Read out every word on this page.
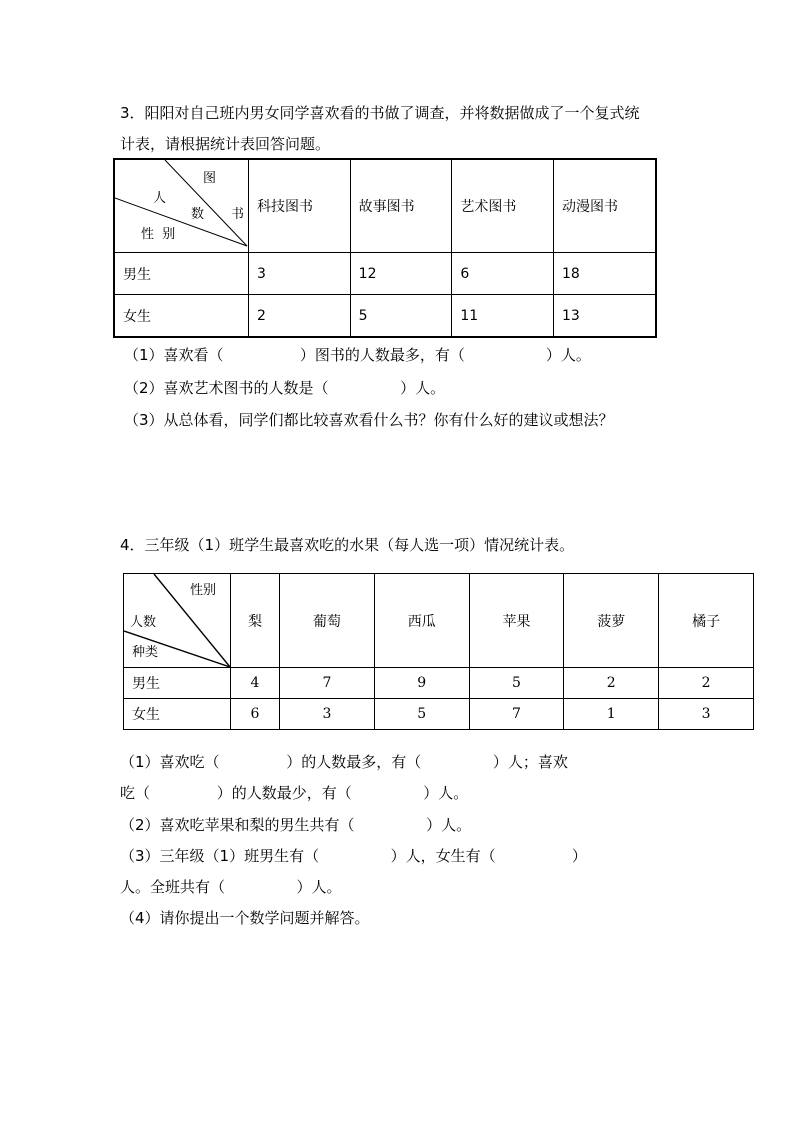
3．阳阳对自己班内男女同学喜欢看的书做了调查，并将数据做成了一个复式统
计表，请根据统计表回答问题。
图
人
数 书
性  别	科技图书	故事图书	艺术图书	动漫图书
男生	3	12	6	18
女生	2	5	11	13
（1）喜欢看（                ）图书的人数最多，有（                 ）人。
（2）喜欢艺术图书的人数是（               ）人。
（3）从总体看，同学们都比较喜欢看什么书？你有什么好的建议或想法？
4．三年级（1）班学生最喜欢吃的水果（每人选一项）情况统计表。
性别
人数
种类	梨	葡萄	西瓜	苹果	菠萝	橘子
男生	4	7	9	5	2	2
女生	6	3	5	7	1	3
（1）喜欢吃（              ）的人数最多，有（               ）人；喜欢
吃（              ）的人数最少，有（               ）人。
（2）喜欢吃苹果和梨的男生共有（               ）人。
（3）三年级（1）班男生有（               ）人，女生有（                ）
人。全班共有（               ）人。
（4）请你提出一个数学问题并解答。
